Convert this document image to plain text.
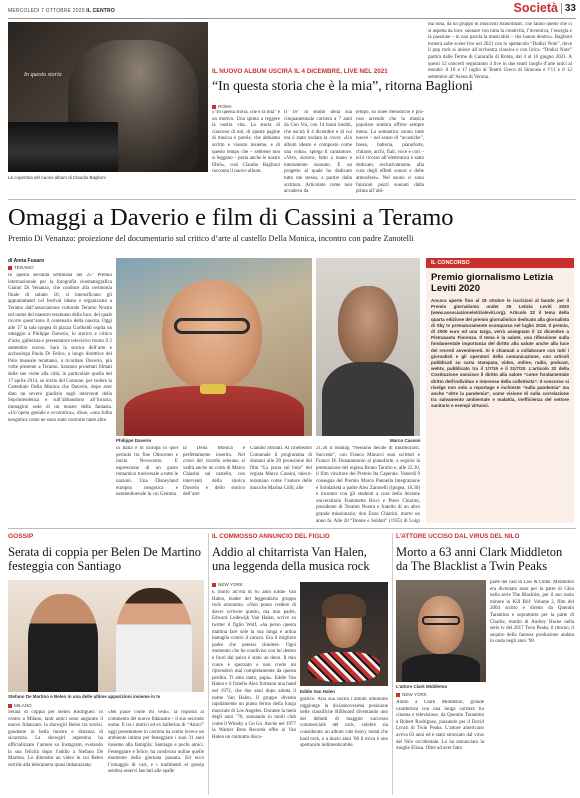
MERCOLEDÌ 7 OTTOBRE 2020 IL CENTRO	Società 33
In questo storia
La copertina del nuovo album di Claudio Baglioni
IL NUOVO ALBUM USCIRÀ IL 4 DICEMBRE, LIVE NEL 2021
“In questa storia che è la mia”, ritorna Baglioni
ROMA
«“In questa storia, che è la mia” è un motivo. Una spinta a reggere la nostra vita. La storia di ciascuno di noi, di queste pagine di musica e parole, che abbiamo scritto e vissuto insieme, e di questo tempo che – sebbene non si leggano – porta anche le nostre filtrò», così Claudio Baglioni racconta il nuovo album.
Il 16° in studio della sua cinquantennale carriera a 7 anni da Con Voi, con 14 brani inediti, che uscirà il 4 dicembre e di cui ora è stato svelata la cover. «Un album ideato e composto come una volta», spiega il cantautore. «Vero, sincero, fatto a mano e interamente suonato. E un progetto al quale ho dedicato tutto me stesso, a partire dalla scrittura. Articolato come non accadeva da
tempo, su linee melodiche e pro- ross arrendo che la musica popolare sembra offrire sempre meno. La semantica suono tutte nuove – nel senso di “acustiche”, basso, batteria, pianoforte, chitarre, archi, fiati, voce e cori – ed è ricorso all’elettronica è stato dedicato, esclusivamente, alla cura degli effetti sonori e delle atmosfere». Nel suono ci sono funzioni pezzi suonati dalla prima all’ulti-
ma nota, da un gruppo di musicisti straordinari, che fanno quello che ci si aspetta da loro: suonare con tutta la creatività, l’inventiva, l’energia e la passione – in una parola la musicalità – che hanno dentro». Baglioni tornerà sulle scene live nel 2021 con lo spettacolo “Dodici Note”, dove il pop rock si unisce all’orchestra classica e con lirica. “Dodici Note” partirà dalle Terme di Caracalla di Roma, dal 4 al 10 giugno 2021. A questi 12 concerti seguiranno 4 live in due teatri luoghi d’arte unici al mondo: il 10 e 17 luglio al Teatro Greco di Siracusa e l’11 e il 12 settembre all’Arena di Verona.
Omaggi a Daverio e film di Cassini a Teramo
Premio Di Venanzo: proiezione del documentario sul critico d’arte al castello Della Monica, incontro con padre Zanotelli
di Anna Fusaro
TERAMO
In questa seconda settimana del 25° Premio internazionale per la fotografia cinematografica Gianni Di Venanzo, che conduce alla cerimonia finale di sabato 10, si intensificano gli appuntamenti col festival ideato e organizzato a Teramo dall’associazione culturale Teramo Nostra nel nome del maestro teramano della luce, del quale ricorre quest’anno il centenario della nascita. Oggi alle 17 la sala ipogea di piazza Garibaldi ospita un omaggio a Philippe Daverio, lo storico e critico d’arte, gallerista e presentatore televisivo morto il 2 settembre scorso. Sarà la storica dell’arte e archeologa Paola Di Felice, a lungo direttrice del Polo museale teramano, a ricordare Daverio, più volte presente a Teramo. Saranno proiettati filmati delle sue visite alla città, in particolare quella del 17 aprile 2014, su invito del Comune, per vedere la Cattedrale Della Monica che Daverio, dopo aver dato un severo giudizio sugli interventi della Soprintendenza e sull’abbandono all’incuria, immaginò sede di un museo della fantasia. «Un’opera geniale e eccentrica», disse, «una follia neogotica come ne sono state costruite tante altre
Philippe Daverio	Marco Cassini
in Italia e in Europa in quel periodo tra fine Ottocento e inizio Novecento. E espressione di un gusto romantico trasversale a tutte le nazioni. Una Disneyland europea neogotica e neomedioevale in cui Gemma
la Della Monica è perfettamente inserito. Nel corso del ricordo ederano si vedrà anche un corto di Marco Chiarini sul castello, con interventi della storica Daverio e dello storico dell’arte
Claudio Strinati. Al cinetreatro Comunale il programma di domani alle 20 proiezione del film “La porta sul buio” del regista Marco Cassini, taleco-teramano come l’autore delle musiche Marina Colli; alle
21.30 il reading “Nessuno decide di innamorarsi. Succede”, con Franca Minucci suoi scrittori e Franco Di Donatantonio al pianoforte, a seguire la premiazione del regista Bruno Tarullo e, alle 22.30, il film vincitore del Premio Ita Caperale. Venerdì 9 consegna del Premio Marco Pannella Integrazione e Solidarietà a padre Alex Zanotelli (ipogea, 16.30) e incontro con gli studenti a cura della docente universitaria Fiammetta Ricci e Piero Chiarini, presidente di Teramo Nostra e fratello di un altro grande missionario, don Enzo Chiarini, morto un anno fa. Alle 20 “Donne e Soldati” (1955) di Luigi
IL CONCORSO
Premio giornalismo Letizia Leviti 2020
Ancora aperte fino al 18 ottobre le iscrizioni al bando per il Premio giornalismo under 35 Letizia Leviti 2020 (www.associazioneletizialeviti.org). Articolo 32 il tema della quarta edizione del premio giornalistico dedicato alla giornalista di Sky tv prematuramente scomparsa nel luglio 2016. Il premio, di 2000 euro ed una targa, verrà assegnato il 12 dicembre a Pietrasanta Fiorenza. Il tema è la salute, una riflessione sulla fondamentale importanza del diritto alla salute anche alla luce dei recenti avvenimenti. Si è chiamati a collaborare con tutti i giornalisti e gli operatori della comunicazione, con articoli pubblicati su carta stampata, video, online, radio, podcast, webtv, pubblicato tra il 1/7/19 e il 31/7/20. L’articolo 32 della Costituzione sancisce il diritto alla salute “come fondamentale diritto dell’individuo e interesse della collettività”. Il concorso si rivolge non solo a reportage e inchieste “sulla pandemia” ma anche “oltre la pandemia”, come visione di sulla correlazione tra salvamento ambientale e malattia, inefficienza del settore sanitario e esempi virtuosi.
GOSSIP
Serata di coppia per Belen De Martino festeggia con Santiago
Stefano De Martino e Belen in una delle ultime apparizioni insieme in tv
MILANO
Serata di coppia per Belen Rodriguez: in centro a Milano, tanti amici sono augurato il nuovo fidanzato: la showgirl Belen tra sorrisi, gaudente in bella mostra e distanza di sicurezza. La showgirl argentina ha ufficializzato l’amore su Instagram, svelando la sua felicità dopo l’addio a Stefano De Martino. Lo dimostra un video in cui Belen sorride alla telecamera quasi imbarazzata:
«Mi piace come mi vedi», la risposta al commento del nuovo fidanzato – il suo secondo nome. E tra i motivi ed ex ballerino di “Amici” oggi presentatore in carriera ha scelto invece un ambiente intimo per festeggiare i suoi 31 anni insieme alla famiglia: Santiago e pochi amici. Festeggiare e felice, ha condiviso online quelle momento della giornata passata. Ed ecco l’omaggio di vari, e i tradimenti ei gossip sembra esservi lasciati alle spalle
IL COMMOSSO ANNUNCIO DEL FIGLIO
Addio al chitarrista Van Halen, una leggenda della musica rock
NEW YORK
È morto all’età di 65 anni Eddie Van Halen, leader del leggendario gruppo rock omonimo. «Non posso credere di dover scrivere questo, ma mio padre, Edward Lodewijk Van Halen, scrive su twitter il figlio Wolf, «ha perso questa mattina fare sole la sua lunga e ardua battaglia contro il cancro. Era il migliore padre che potessi chiedere. Ogni momento che ho condiviso con lui dentro e fuori dal palco è stato un dono. Il mio cuore è spezzato e non credo mi riprenderò mai completamente da questa perdita. Ti amo tanto, papà». Eddie Van Halen e il fratello Alex formano una band nel 1972, che due anni dopo adotta il nome Van Halen. Il gruppo diventa rapidamente un punto fermo della lunga musicale di Los Angeles. Durante la metà degli anni ’70, suonando in molti club come il Whisky a Go Go. Anche nel 1977 la Warner Bros Records offre ai Van Halen un contratto disco-
Eddie Van Halen
grafico. Alla sua uscita l’album omonimo raggiunge la diciannovesima posizione nelle classifiche Billboard diventando uno dei debutti di maggior successo commerciale del rock, celebre sia considerato un album vale heavy metal che hard rock, e a inizio anni ’80 il trova è uno spettacolo indimenticabile.
L’ATTORE UCCISO DAL VIRUS DEL NILO
Morto a 63 anni Clark Middleton da The Blacklist a Twin Peaks
L’attore Clark Middleton
NEW YORK
Addio a Clark Middleton, grande caratterista con una lunga carriera tra cinema e televisione, da Quentin Tarantino a Robert Rodriguez, passando per il David Lynch di Twin Peaks. L’attore americano aveva 63 anni ed è stato stroncato dal virus del Nilo occidentale. Lo ha annunciato la moglie Elissa. Oltre ad aver fatto
parte del cast di Law & Order. Middleton era diventato noto per la parte di Glen nella serie The Blacklist, per il suo ruolo minore in Kill Bill: Volume 2, film del 2004 scritto e diretto da Quentin Tarantino e soprattutto per la parte di Charlie, marito di Audrey Horne nella serie tv del 2017 Twin Peaks, il ritorno, il sequito della famosa produzione andata in onda negli anni ’90.
